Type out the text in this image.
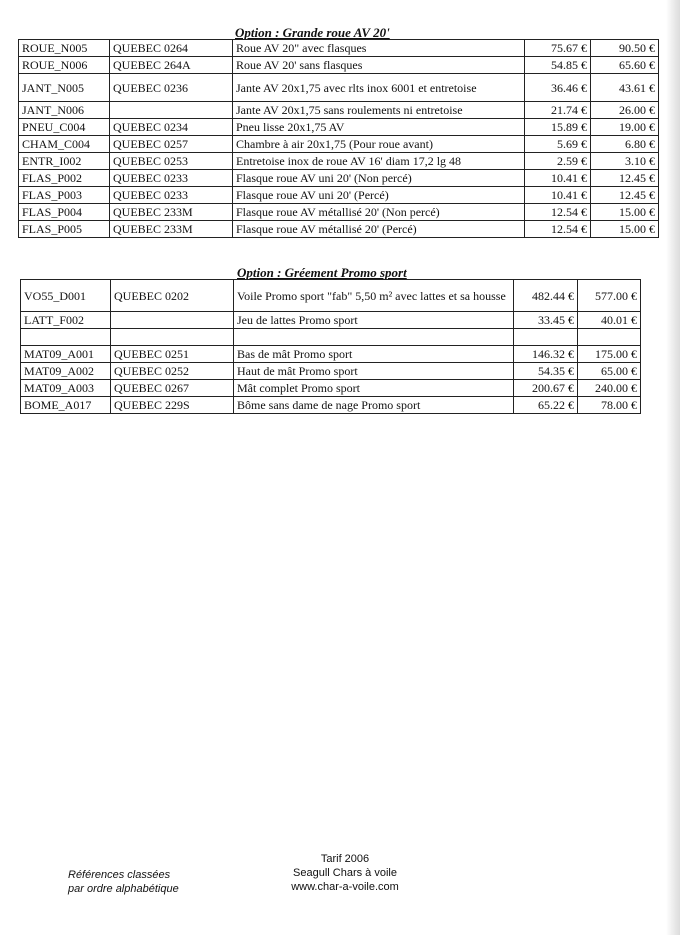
Option : Grande roue AV 20'
ROUE_N005	QUEBEC 0264	Roue AV 20" avec flasques	75.67 €	90.50 €
ROUE_N006	QUEBEC 264A	Roue AV 20' sans flasques	54.85 €	65.60 €
JANT_N005	QUEBEC 0236	Jante AV 20x1,75 avec rlts inox 6001 et entretoise	36.46 €	43.61 €
JANT_N006		Jante AV 20x1,75 sans roulements ni entretoise	21.74 €	26.00 €
PNEU_C004	QUEBEC 0234	Pneu lisse 20x1,75 AV	15.89 €	19.00 €
CHAM_C004	QUEBEC 0257	Chambre à air 20x1,75 (Pour roue avant)	5.69 €	6.80 €
ENTR_I002	QUEBEC 0253	Entretoise inox de roue AV 16' diam 17,2 lg 48	2.59 €	3.10 €
FLAS_P002	QUEBEC 0233	Flasque roue AV uni 20' (Non percé)	10.41 €	12.45 €
FLAS_P003	QUEBEC 0233	Flasque roue AV uni 20' (Percé)	10.41 €	12.45 €
FLAS_P004	QUEBEC 233M	Flasque roue AV métallisé 20' (Non percé)	12.54 €	15.00 €
FLAS_P005	QUEBEC 233M	Flasque roue AV métallisé 20' (Percé)	12.54 €	15.00 €
Option : Gréement Promo sport
VO55_D001	QUEBEC 0202	Voile Promo sport "fab" 5,50 m² avec lattes et sa housse	482.44 €	577.00 €
LATT_F002		Jeu de lattes Promo sport	33.45 €	40.01 €

MAT09_A001	QUEBEC 0251	Bas de mât Promo sport	146.32 €	175.00 €
MAT09_A002	QUEBEC 0252	Haut de mât Promo sport	54.35 €	65.00 €
MAT09_A003	QUEBEC 0267	Mât complet Promo sport	200.67 €	240.00 €
BOME_A017	QUEBEC 229S	Bôme sans dame de nage Promo sport	65.22 €	78.00 €
Références classées
par ordre alphabétique
Tarif 2006
Seagull Chars à voile
www.char-a-voile.com
